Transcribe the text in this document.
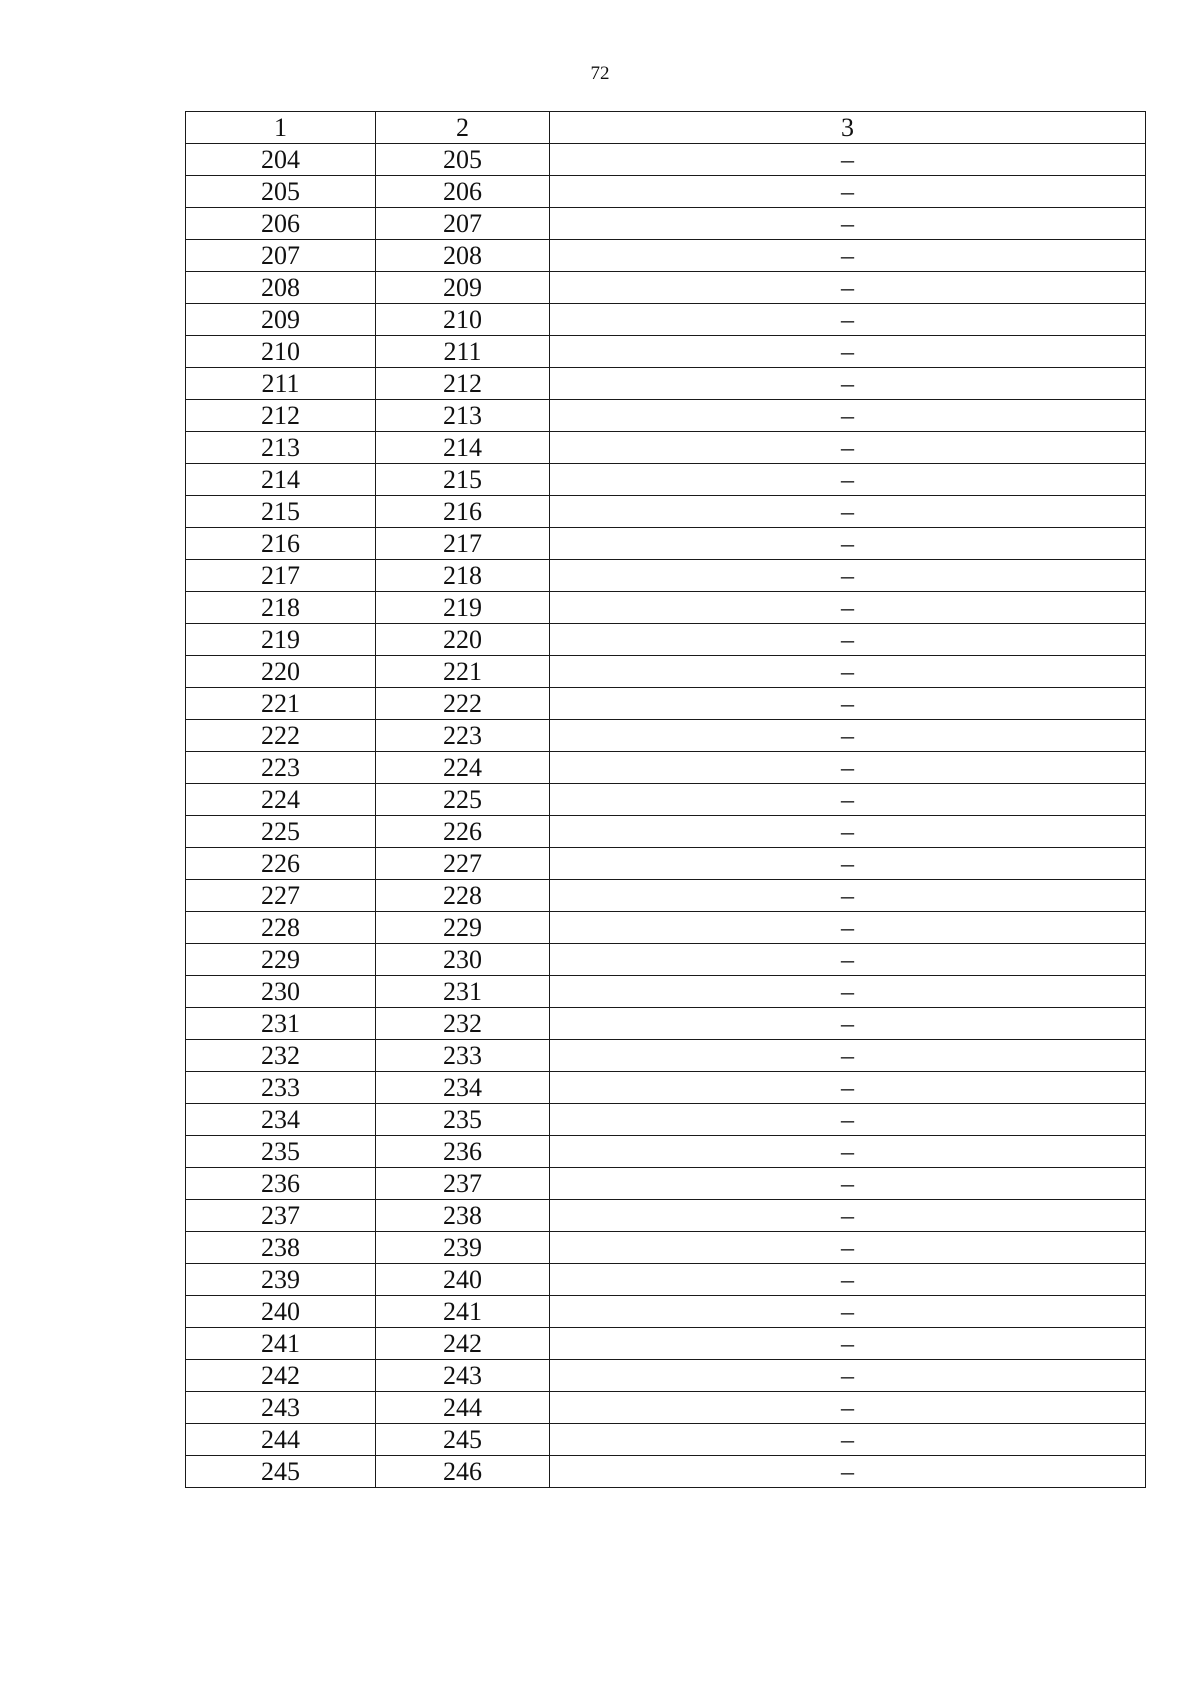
72
1	2	3
204	205	–
205	206	–
206	207	–
207	208	–
208	209	–
209	210	–
210	211	–
211	212	–
212	213	–
213	214	–
214	215	–
215	216	–
216	217	–
217	218	–
218	219	–
219	220	–
220	221	–
221	222	–
222	223	–
223	224	–
224	225	–
225	226	–
226	227	–
227	228	–
228	229	–
229	230	–
230	231	–
231	232	–
232	233	–
233	234	–
234	235	–
235	236	–
236	237	–
237	238	–
238	239	–
239	240	–
240	241	–
241	242	–
242	243	–
243	244	–
244	245	–
245	246	–
